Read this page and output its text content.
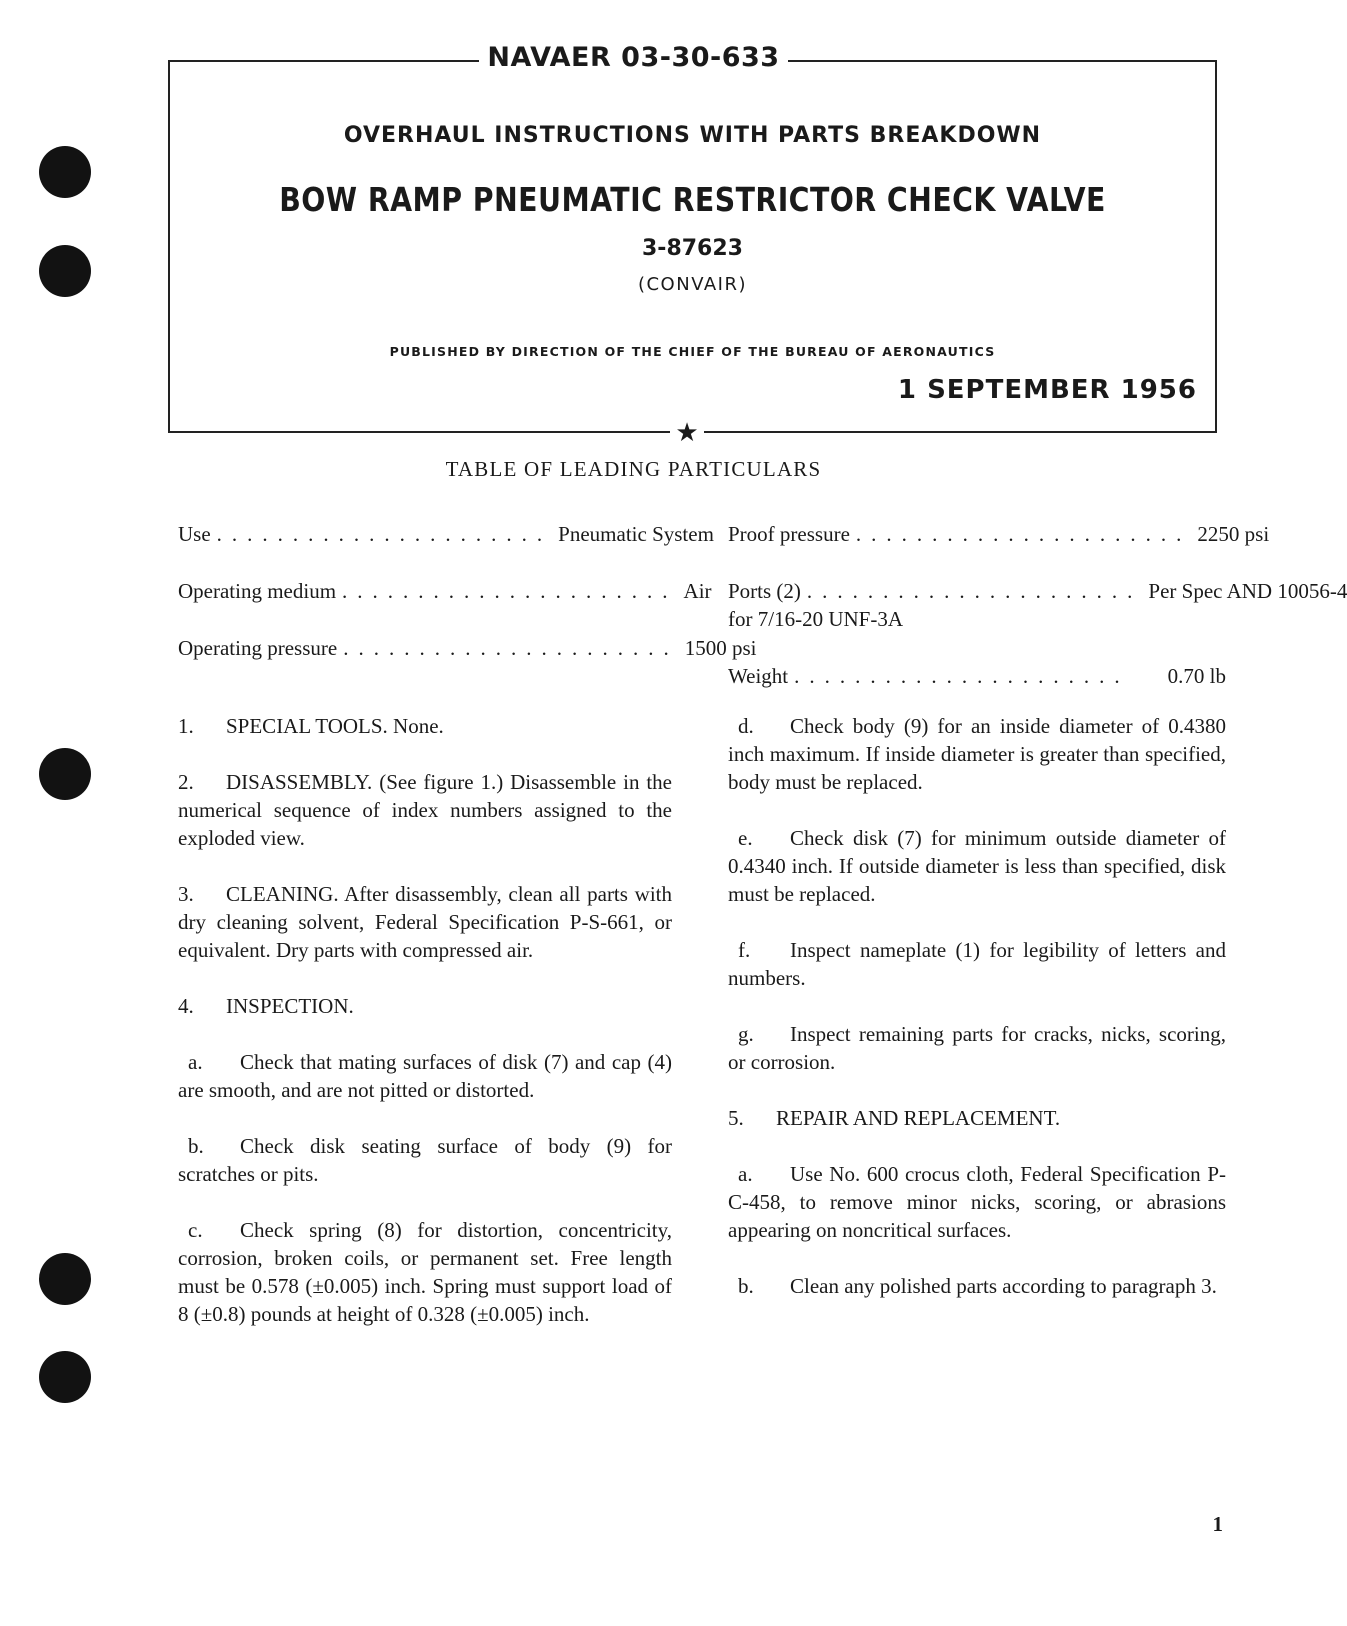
NAVAER 03-30-633
OVERHAUL INSTRUCTIONS WITH PARTS BREAKDOWN
BOW RAMP PNEUMATIC RESTRICTOR CHECK VALVE
3-87623
(CONVAIR)
PUBLISHED BY DIRECTION OF THE CHIEF OF THE BUREAU OF AERONAUTICS
1 SEPTEMBER 1956
★
TABLE OF LEADING PARTICULARS
Use ...................... Pneumatic System
Operating medium ...................... Air
Operating pressure ...................... 1500 psi

1. SPECIAL TOOLS. None.

2. DISASSEMBLY. (See figure 1.) Disassemble in the numerical sequence of index numbers assigned to the exploded view.

3. CLEANING. After disassembly, clean all parts with dry cleaning solvent, Federal Specification P-S-661, or equivalent. Dry parts with compressed air.

4. INSPECTION.

a. Check that mating surfaces of disk (7) and cap (4) are smooth, and are not pitted or distorted.

b. Check disk seating surface of body (9) for scratches or pits.

c. Check spring (8) for distortion, concentricity, corrosion, broken coils, or permanent set. Free length must be 0.578 (±0.005) inch. Spring must support load of 8 (±0.8) pounds at height of 0.328 (±0.005) inch.

Proof pressure ...................... 2250 psi
Ports (2) ...................... Per Spec AND 10056-4
for 7/16-20 UNF-3A
Weight ......................	0.70 lb

d. Check body (9) for an inside diameter of 0.4380 inch maximum. If inside diameter is greater than specified, body must be replaced.

e. Check disk (7) for minimum outside diameter of 0.4340 inch. If outside diameter is less than specified, disk must be replaced.

f. Inspect nameplate (1) for legibility of letters and numbers.

g. Inspect remaining parts for cracks, nicks, scoring, or corrosion.

5. REPAIR AND REPLACEMENT.

a. Use No. 600 crocus cloth, Federal Specification P-C-458, to remove minor nicks, scoring, or abrasions appearing on noncritical surfaces.

b. Clean any polished parts according to paragraph 3.

1
